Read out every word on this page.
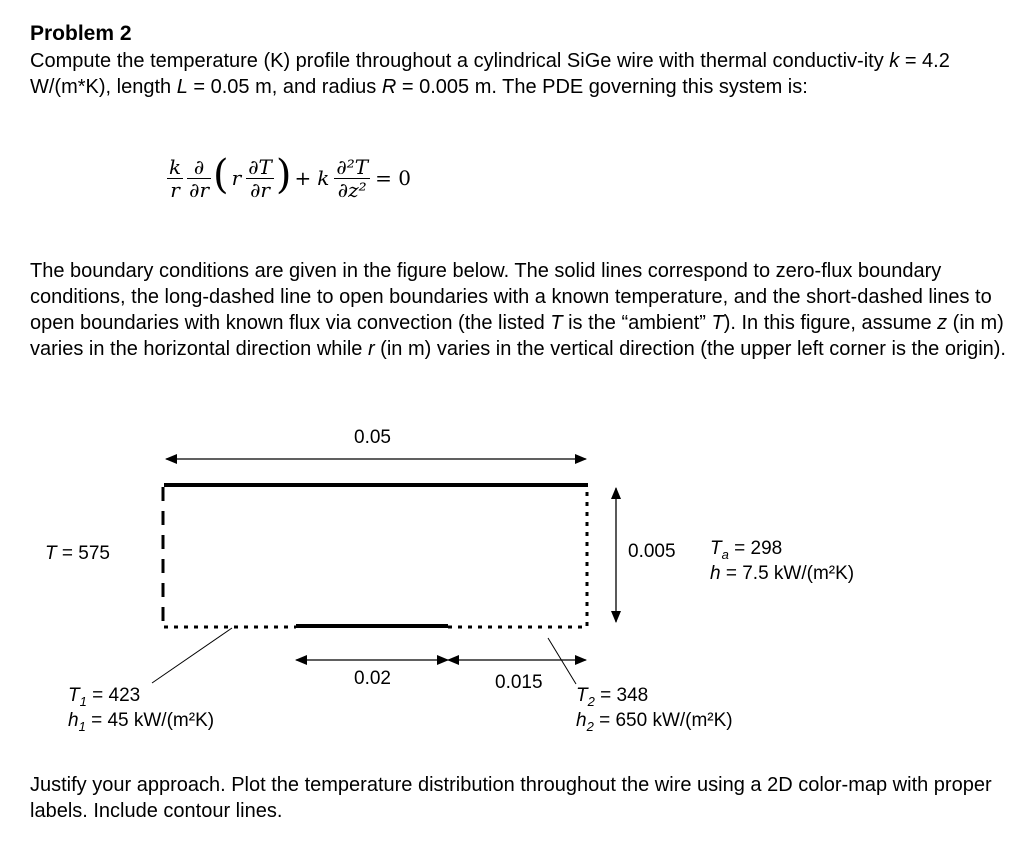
Problem 2

Compute the temperature (K) profile throughout a cylindrical SiGe wire with thermal conductiv-ity k = 4.2 W/(m*K), length L = 0.05 m, and radius R = 0.005 m. The PDE governing this system is:

$\frac{k}{r} \frac{\partial}{\partial r}$ ( r $\frac{\partial T}{\partial r}$ ) + k $\frac{\text{∂²T}}{\text{∂z²}} = 0$

The boundary conditions are given in the figure below. The solid lines correspond to zero-flux boundary conditions, the long-dashed line to open boundaries with a known temperature, and the short-dashed lines to open boundaries with known flux via convection (the listed T is the “ambient” T). In this figure, assume z (in m) varies in the horizontal direction while r (in m) varies in the vertical direction (the upper left corner is the origin).

0.05
T = 575	0.005 $T_a = 298$
h = 7.5 kW/(m²K)
0.02	0.015
$T_1 = 423$
$h_1 = 45$ kW/(m²K)
$T_2 = 348$
$h_2 = 650$ kW/(m²K)

Justify your approach. Plot the temperature distribution throughout the wire using a 2D color-map with proper labels. Include contour lines.
